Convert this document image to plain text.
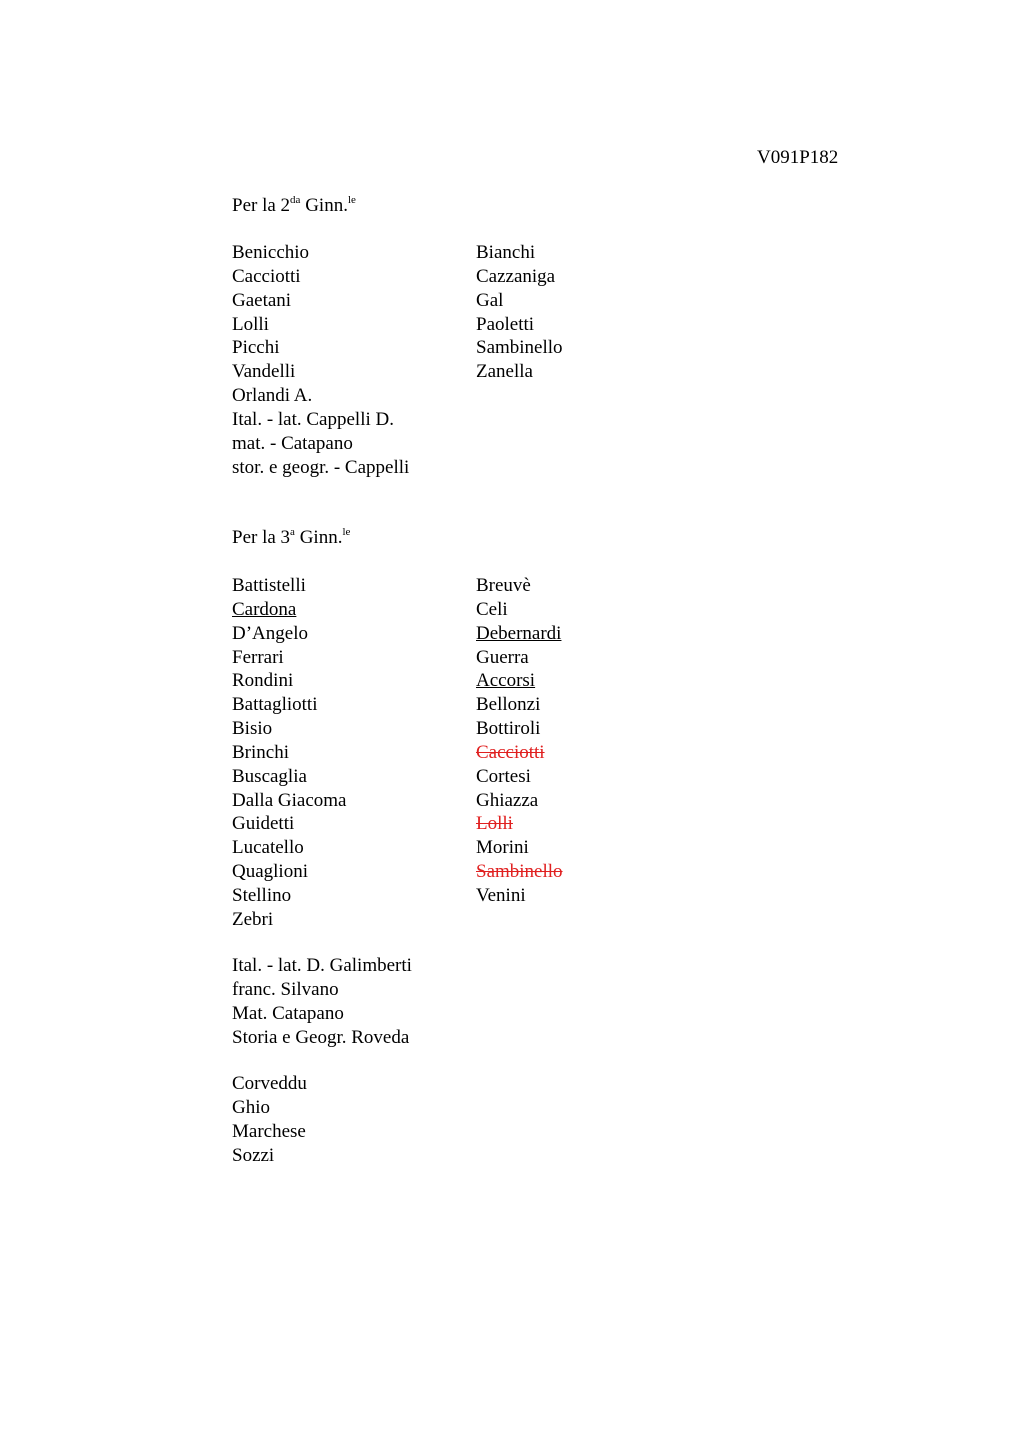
V091P182
Per la $2^{da}$ Ginn.$^{le}$
Benicchio
Cacciotti
Gaetani
Lolli
Picchi
Vandelli
Orlandi A.
Ital. - lat. Cappelli D.
mat. - Catapano
stor. e geogr. - Cappelli
Bianchi
Cazzaniga
Gal
Paoletti
Sambinello
Zanella
Per la 3$^a$ Ginn.$^{le}$
Battistelli
Cardona
D’Angelo
Ferrari
Rondini
Battagliotti
Bisio
Brinchi
Buscaglia
Dalla Giacoma
Guidetti
Lucatello
Quaglioni
Stellino
Zebri
Breuvè
Celi
Debernardi
Guerra
Accorsi
Bellonzi
Bottiroli
Cacciotti
Cortesi
Ghiazza
Lolli
Morini
Sambinello
Venini
Ital. - lat. D. Galimberti
franc. Silvano
Mat. Catapano
Storia e Geogr. Roveda
Corveddu
Ghio
Marchese
Sozzi
